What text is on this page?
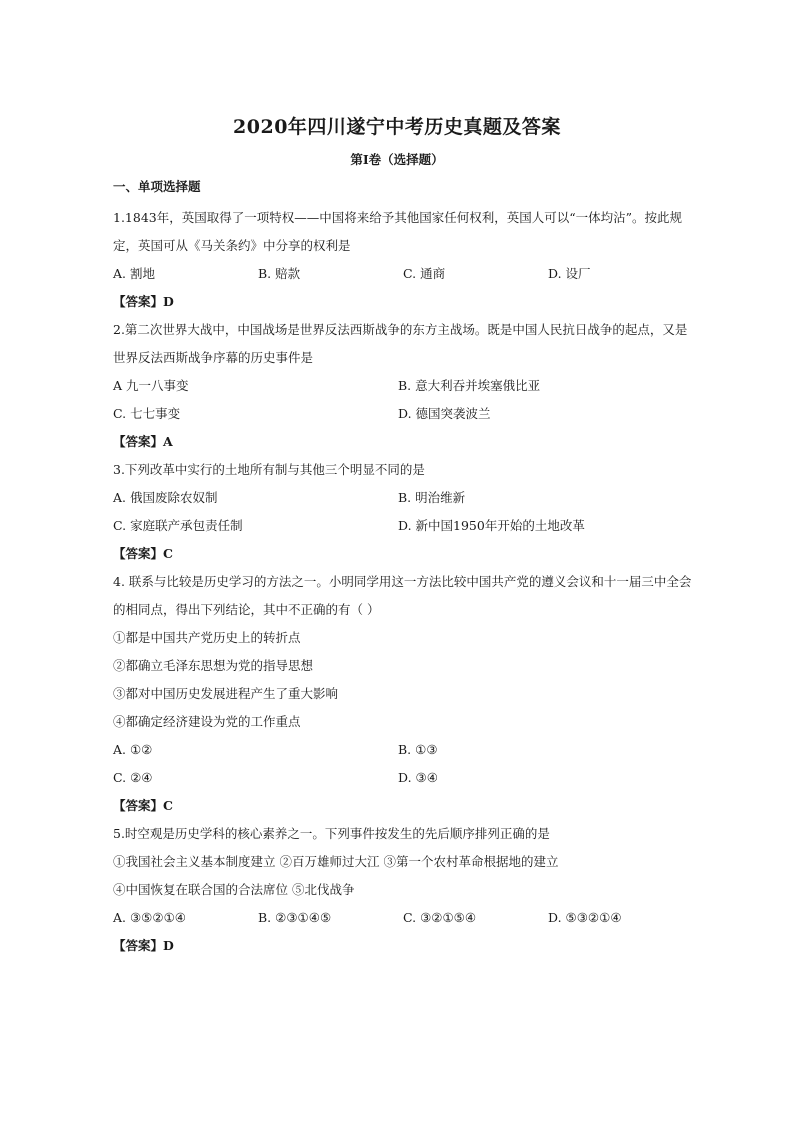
2020年四川遂宁中考历史真题及答案
第Ⅰ卷（选择题）
一、单项选择题
1.1843年，英国取得了一项特权——中国将来给予其他国家任何权利，英国人可以“一体均沾”。按此规定，英国可从《马关条约》中分享的权利是
A. 割地	B. 赔款	C. 通商	D. 设厂
【答案】D
2.第二次世界大战中，中国战场是世界反法西斯战争的东方主战场。既是中国人民抗日战争的起点，又是世界反法西斯战争序幕的历史事件是
A 九一八事变	B. 意大利吞并埃塞俄比亚
C. 七七事变	D. 德国突袭波兰
【答案】A
3.下列改革中实行的土地所有制与其他三个明显不同的是
A. 俄国废除农奴制	B. 明治维新
C. 家庭联产承包责任制	D. 新中国1950年开始的土地改革
【答案】C
4. 联系与比较是历史学习的方法之一。小明同学用这一方法比较中国共产党的遵义会议和十一届三中全会的相同点，得出下列结论，其中不正确的有（ ）
①都是中国共产党历史上的转折点
②都确立毛泽东思想为党的指导思想
③都对中国历史发展进程产生了重大影响
④都确定经济建设为党的工作重点
A. ①②	B. ①③
C. ②④	D. ③④
【答案】C
5.时空观是历史学科的核心素养之一。下列事件按发生的先后顺序排列正确的是
①我国社会主义基本制度建立 ②百万雄师过大江 ③第一个农村革命根据地的建立
④中国恢复在联合国的合法席位 ⑤北伐战争
A. ③⑤②①④	B. ②③①④⑤	C. ③②①⑤④	D. ⑤③②①④
【答案】D
